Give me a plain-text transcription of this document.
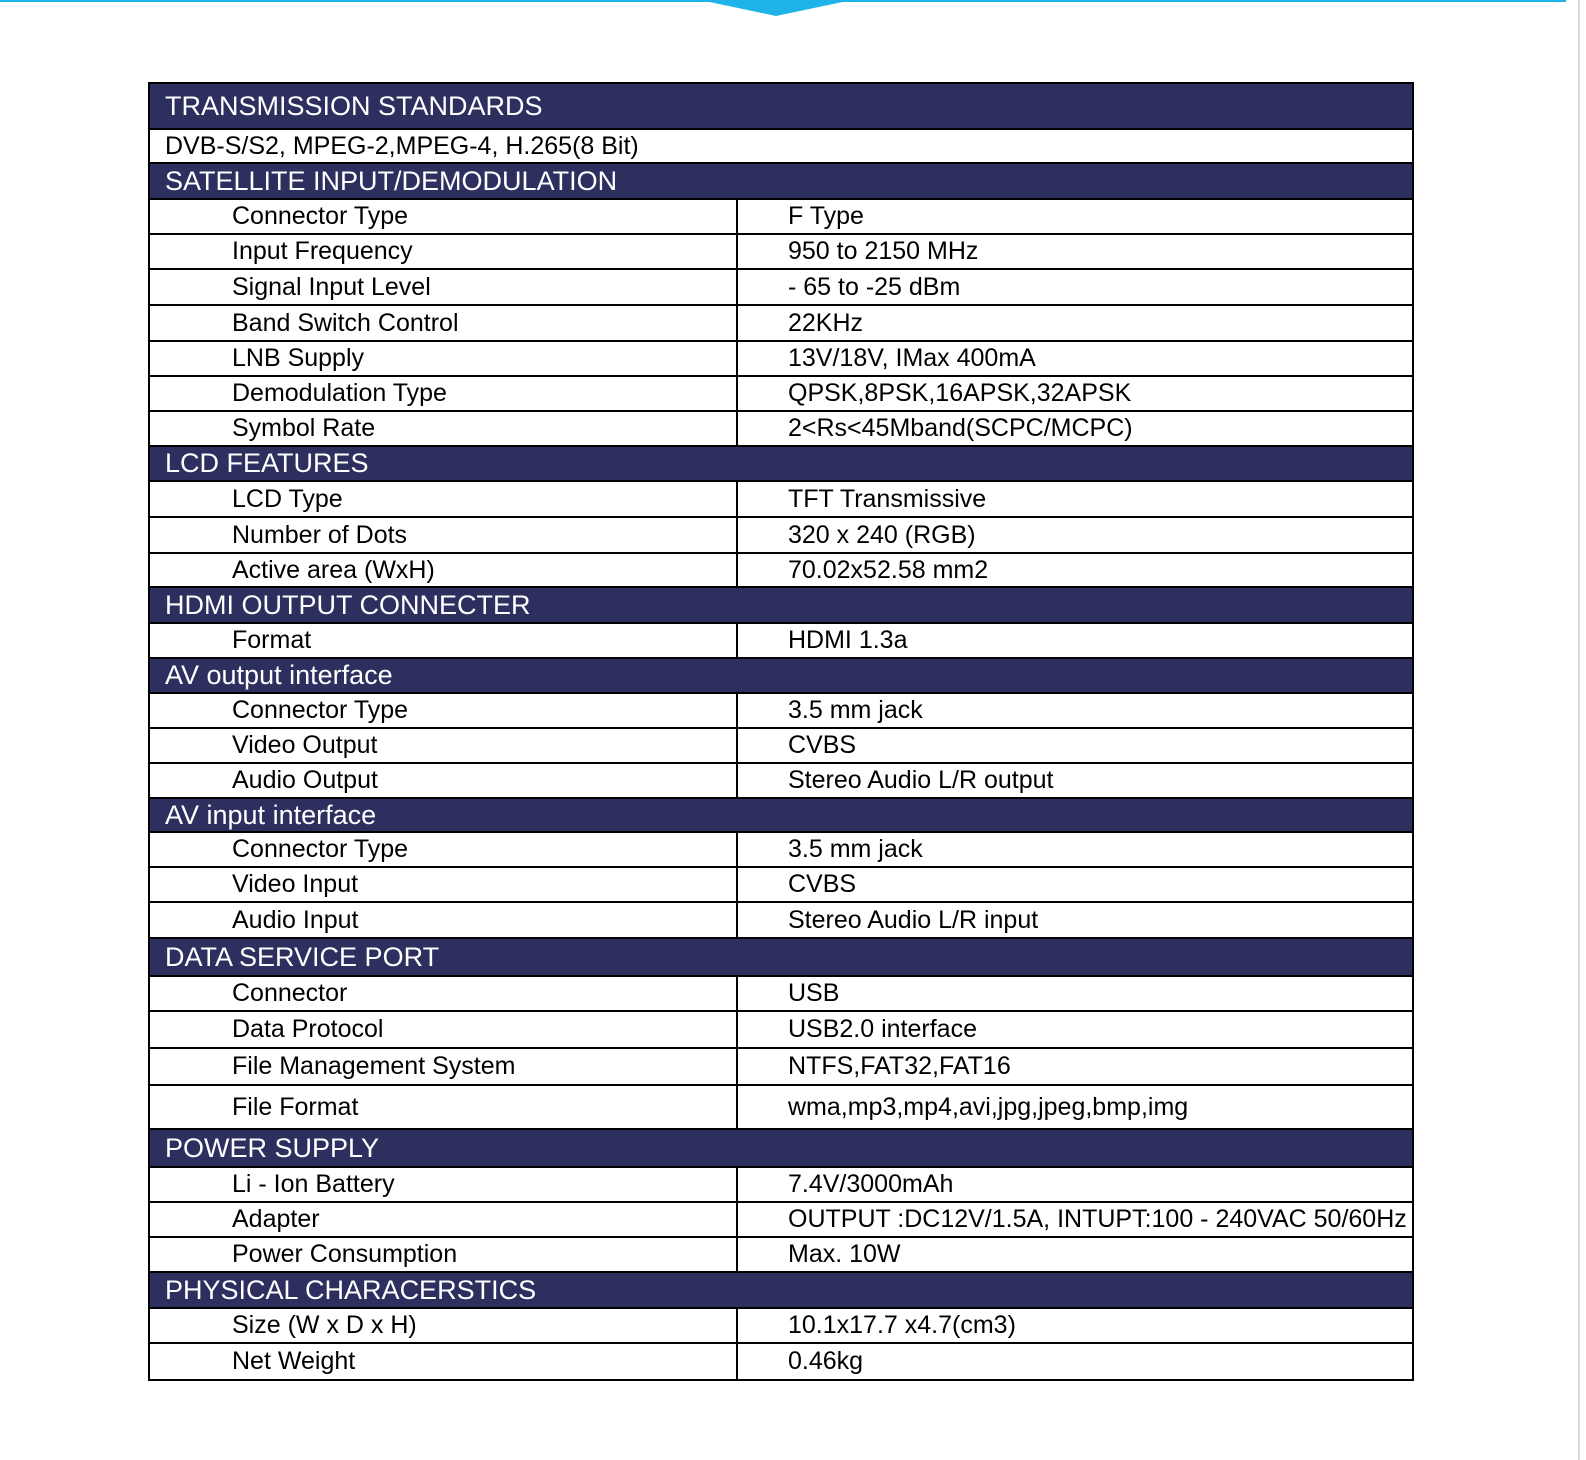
TRANSMISSION STANDARDS
DVB-S/S2, MPEG-2,MPEG-4, H.265(8 Bit)
SATELLITE INPUT/DEMODULATION
Connector Type	F Type
Input Frequency	950 to 2150 MHz
Signal Input Level	- 65 to -25 dBm
Band Switch Control	22KHz
LNB Supply	13V/18V, IMax 400mA
Demodulation Type	QPSK,8PSK,16APSK,32APSK
Symbol Rate	2<Rs<45Mband(SCPC/MCPC)
LCD FEATURES
LCD Type	TFT Transmissive
Number of Dots	320 x 240 (RGB)
Active area (WxH)	70.02x52.58 mm2
HDMI OUTPUT CONNECTER
Format	HDMI 1.3a
AV output interface
Connector Type	3.5 mm jack
Video Output	CVBS
Audio Output	Stereo Audio L/R output
AV input interface
Connector Type	3.5 mm jack
Video Input	CVBS
Audio Input	Stereo Audio L/R input
DATA SERVICE PORT
Connector	USB
Data Protocol	USB2.0 interface
File Management System	NTFS,FAT32,FAT16
File Format	wma,mp3,mp4,avi,jpg,jpeg,bmp,img
POWER SUPPLY
Li - Ion Battery	7.4V/3000mAh
Adapter	OUTPUT :DC12V/1.5A, INTUPT:100 - 240VAC 50/60Hz
Power Consumption	Max. 10W
PHYSICAL CHARACERSTICS
Size (W x D x H)	10.1x17.7 x4.7(cm3)
Net Weight	0.46kg
